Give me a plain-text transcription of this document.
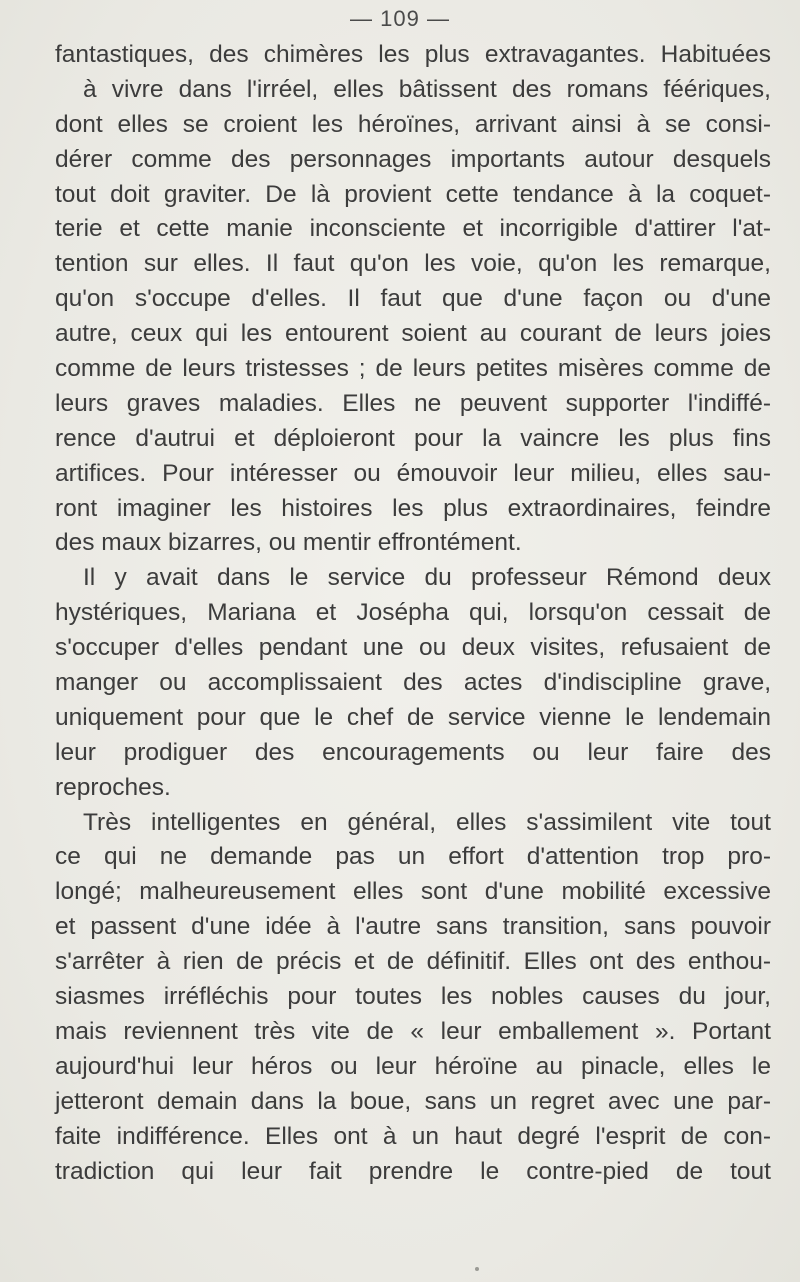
— 109 —
fantastiques, des chimères les plus extravagantes. Habituées
à vivre dans l'irréel, elles bâtissent des romans féériques,
dont elles se croient les héroïnes, arrivant ainsi à se consi-
dérer comme des personnages importants autour desquels
tout doit graviter. De là provient cette tendance à la coquet-
terie et cette manie inconsciente et incorrigible d'attirer l'at-
tention sur elles. Il faut qu'on les voie, qu'on les remarque,
qu'on s'occupe d'elles. Il faut que d'une façon ou d'une
autre, ceux qui les entourent soient au courant de leurs joies
comme de leurs tristesses ; de leurs petites misères comme de
leurs graves maladies. Elles ne peuvent supporter l'indiffé-
rence d'autrui et déploieront pour la vaincre les plus fins
artifices. Pour intéresser ou émouvoir leur milieu, elles sau-
ront imaginer les histoires les plus extraordinaires, feindre
des maux bizarres, ou mentir effrontément.
Il y avait dans le service du professeur Rémond deux
hystériques, Mariana et Joséphа qui, lorsqu'on cessait de
s'occuper d'elles pendant une ou deux visites, refusaient de
manger ou accomplissaient des actes d'indiscipline grave,
uniquement pour que le chef de service vienne le lendemain
leur prodiguer des encouragements ou leur faire des
reproches.
Très intelligentes en général, elles s'assimilent vite tout
ce qui ne demande pas un effort d'attention trop pro-
longé; malheureusement elles sont d'une mobilité excessive
et passent d'une idée à l'autre sans transition, sans pouvoir
s'arrêter à rien de précis et de définitif. Elles ont des enthou-
siasmes irréfléchis pour toutes les nobles causes du jour,
mais reviennent très vite de « leur emballement ». Portant
aujourd'hui leur héros ou leur héroïne au pinacle, elles le
jetteront demain dans la boue, sans un regret avec une par-
faite indifférence. Elles ont à un haut degré l'esprit de con-
tradiction qui leur fait prendre le contre-pied de tout
